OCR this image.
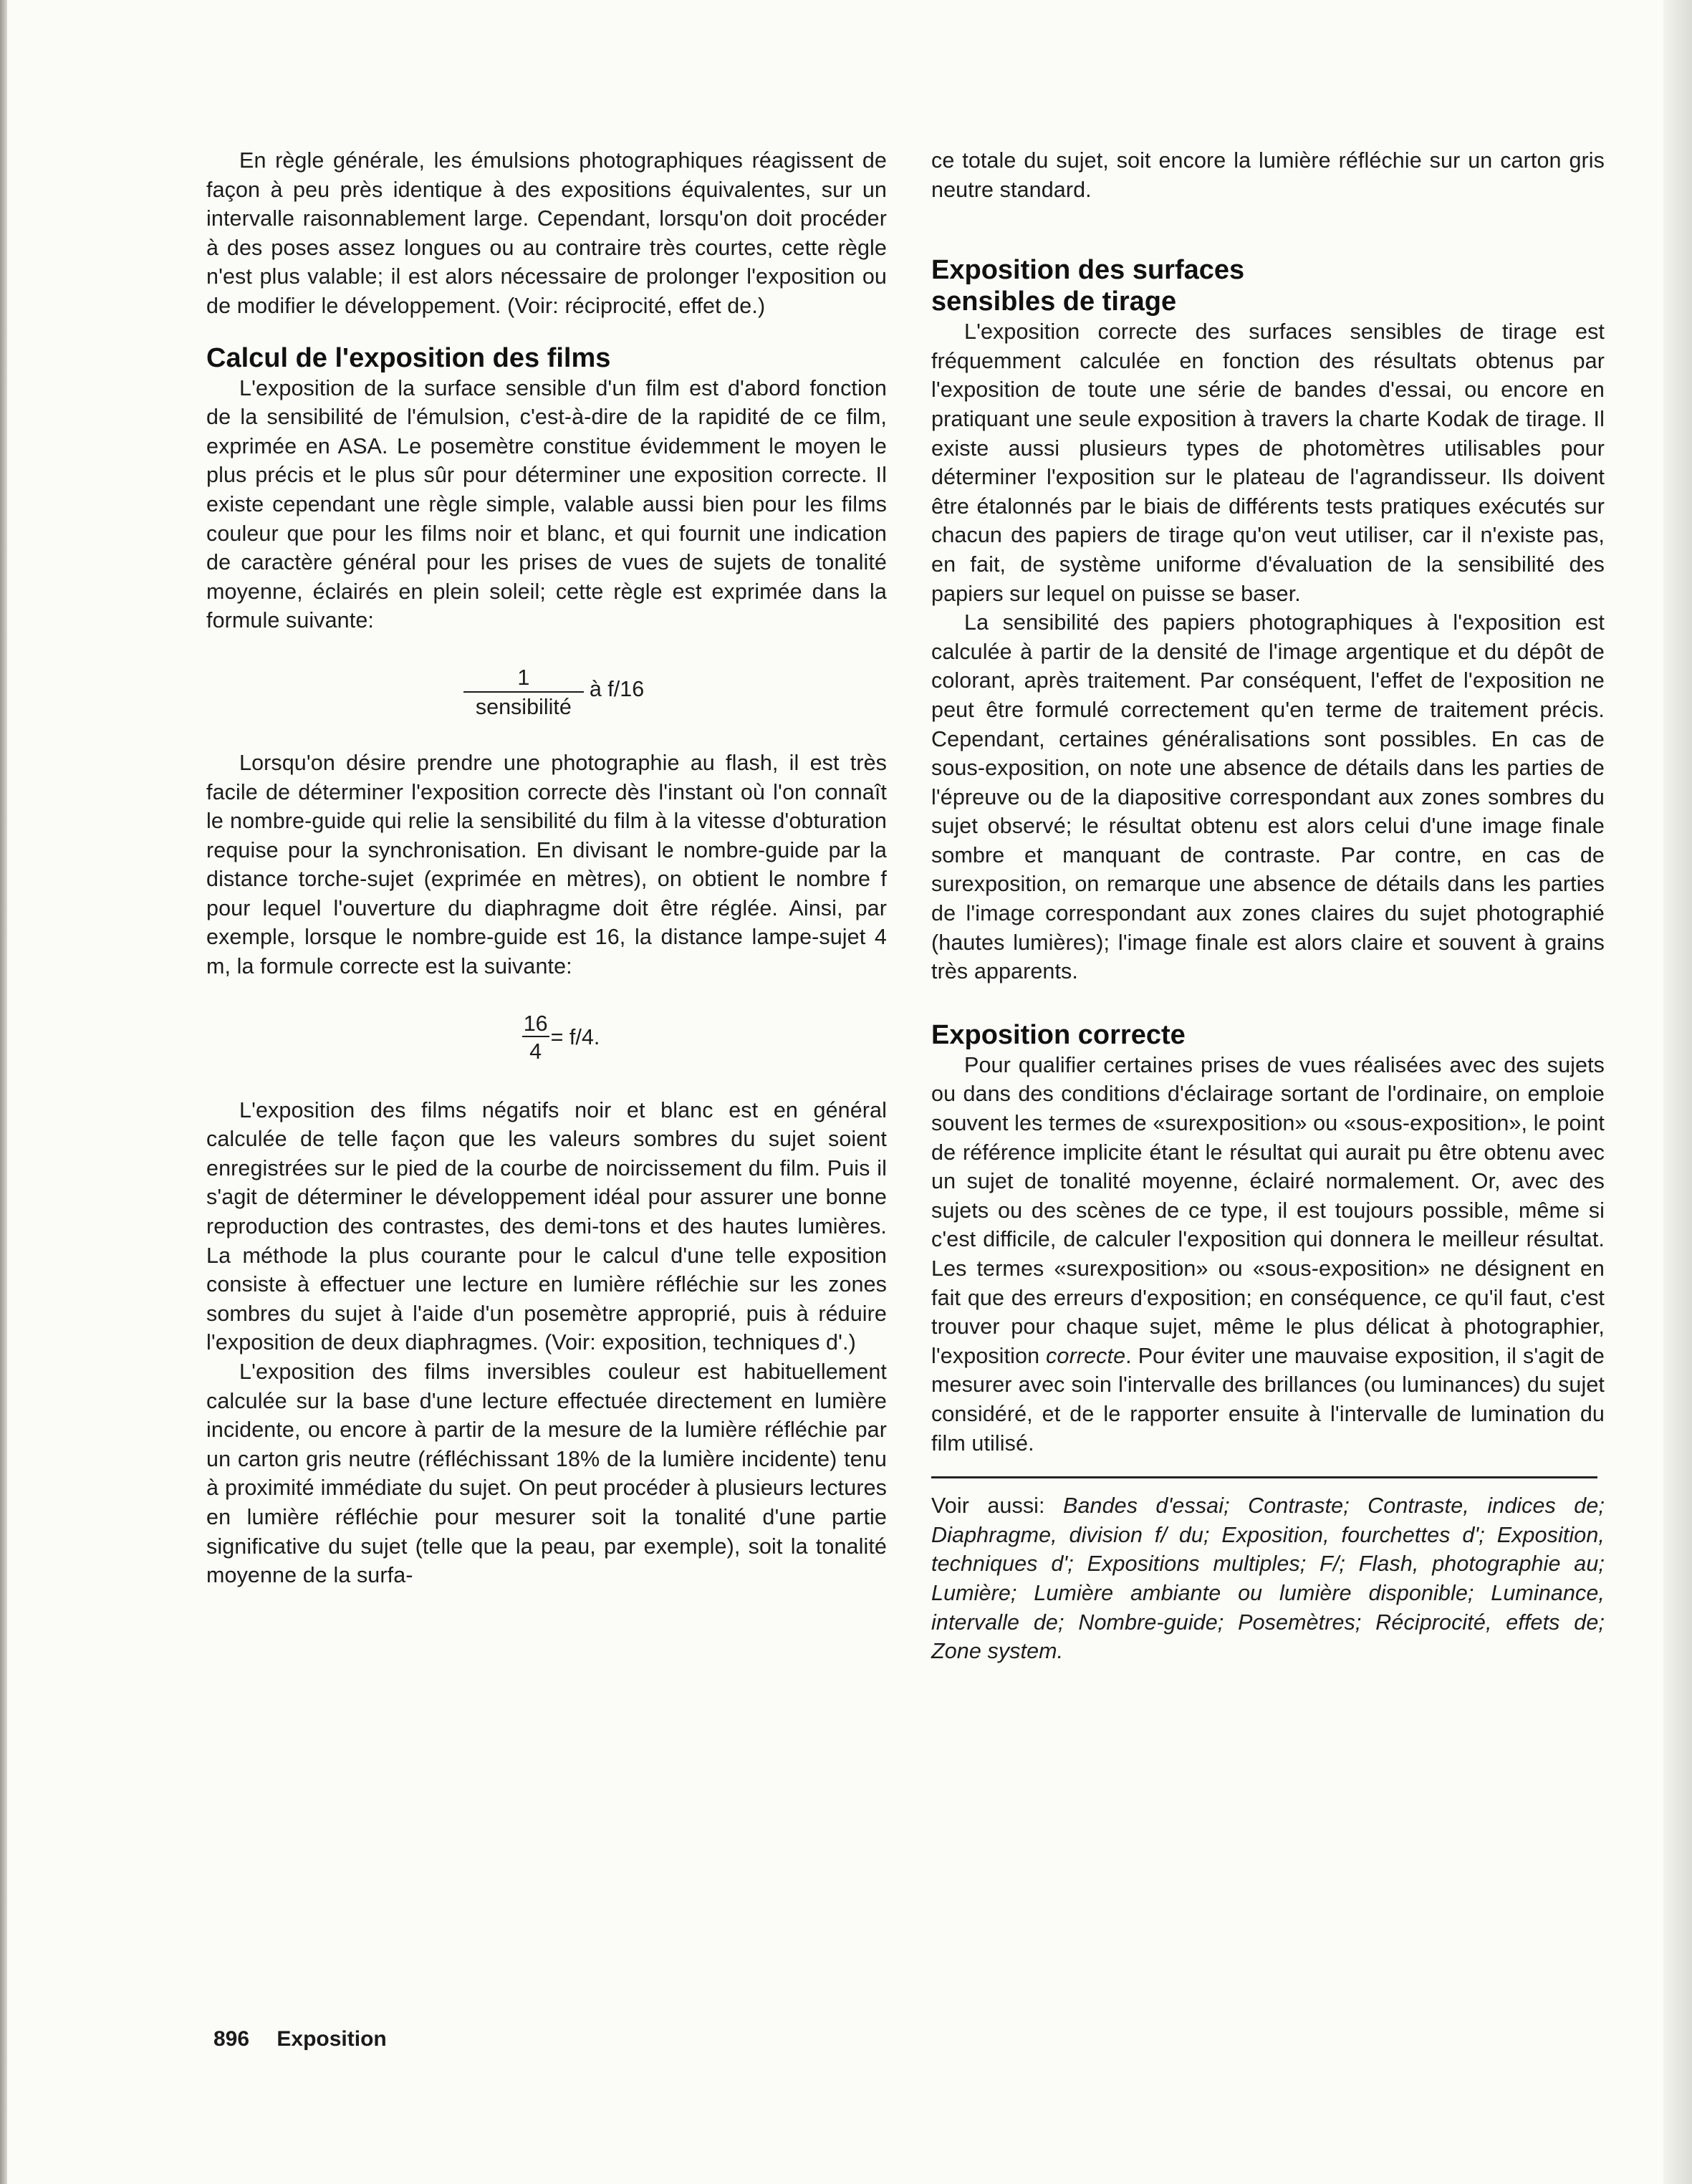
En règle générale, les émulsions photographiques réagissent de façon à peu près identique à des expositions équivalentes, sur un intervalle raisonnablement large. Cependant, lorsqu'on doit procéder à des poses assez longues ou au contraire très courtes, cette règle n'est plus valable; il est alors nécessaire de prolonger l'exposition ou de modifier le développement. (Voir: réciprocité, effet de.)

Calcul de l'exposition des films

L'exposition de la surface sensible d'un film est d'abord fonction de la sensibilité de l'émulsion, c'est-à-dire de la rapidité de ce film, exprimée en ASA. Le posemètre constitue évidemment le moyen le plus précis et le plus sûr pour déterminer une exposition correcte. Il existe cependant une règle simple, valable aussi bien pour les films couleur que pour les films noir et blanc, et qui fournit une indication de caractère général pour les prises de vues de sujets de tonalité moyenne, éclairés en plein soleil; cette règle est exprimée dans la formule suivante:

$\frac{1}{\text{sensibilité}}$ à f/16

Lorsqu'on désire prendre une photographie au flash, il est très facile de déterminer l'exposition correcte dès l'instant où l'on connaît le nombre-guide qui relie la sensibilité du film à la vitesse d'obturation requise pour la synchronisation. En divisant le nombre-guide par la distance torche-sujet (exprimée en mètres), on obtient le nombre f pour lequel l'ouverture du diaphragme doit être réglée. Ainsi, par exemple, lorsque le nombre-guide est 16, la distance lampe-sujet 4 m, la formule correcte est la suivante:

$\frac{16}{4} = f/4$.

L'exposition des films négatifs noir et blanc est en général calculée de telle façon que les valeurs sombres du sujet soient enregistrées sur le pied de la courbe de noircissement du film. Puis il s'agit de déterminer le développement idéal pour assurer une bonne reproduction des contrastes, des demi-tons et des hautes lumières. La méthode la plus courante pour le calcul d'une telle exposition consiste à effectuer une lecture en lumière réfléchie sur les zones sombres du sujet à l'aide d'un posemètre approprié, puis à réduire l'exposition de deux diaphragmes. (Voir: exposition, techniques d'.)

L'exposition des films inversibles couleur est habituellement calculée sur la base d'une lecture effectuée directement en lumière incidente, ou encore à partir de la mesure de la lumière réfléchie par un carton gris neutre (réfléchissant 18% de la lumière incidente) tenu à proximité immédiate du sujet. On peut procéder à plusieurs lectures en lumière réfléchie pour mesurer soit la tonalité d'une partie significative du sujet (telle que la peau, par exemple), soit la tonalité moyenne de la surfa-

ce totale du sujet, soit encore la lumière réfléchie sur un carton gris neutre standard.

Exposition des surfaces
sensibles de tirage

L'exposition correcte des surfaces sensibles de tirage est fréquemment calculée en fonction des résultats obtenus par l'exposition de toute une série de bandes d'essai, ou encore en pratiquant une seule exposition à travers la charte Kodak de tirage. Il existe aussi plusieurs types de photomètres utilisables pour déterminer l'exposition sur le plateau de l'agrandisseur. Ils doivent être étalonnés par le biais de différents tests pratiques exécutés sur chacun des papiers de tirage qu'on veut utiliser, car il n'existe pas, en fait, de système uniforme d'évaluation de la sensibilité des papiers sur lequel on puisse se baser.

La sensibilité des papiers photographiques à l'exposition est calculée à partir de la densité de l'image argentique et du dépôt de colorant, après traitement. Par conséquent, l'effet de l'exposition ne peut être formulé correctement qu'en terme de traitement précis. Cependant, certaines généralisations sont possibles. En cas de sous-exposition, on note une absence de détails dans les parties de l'épreuve ou de la diapositive correspondant aux zones sombres du sujet observé; le résultat obtenu est alors celui d'une image finale sombre et manquant de contraste. Par contre, en cas de surexposition, on remarque une absence de détails dans les parties de l'image correspondant aux zones claires du sujet photographié (hautes lumières); l'image finale est alors claire et souvent à grains très apparents.

Exposition correcte

Pour qualifier certaines prises de vues réalisées avec des sujets ou dans des conditions d'éclairage sortant de l'ordinaire, on emploie souvent les termes de «surexposition» ou «sous-exposition», le point de référence implicite étant le résultat qui aurait pu être obtenu avec un sujet de tonalité moyenne, éclairé normalement. Or, avec des sujets ou des scènes de ce type, il est toujours possible, même si c'est difficile, de calculer l'exposition qui donnera le meilleur résultat. Les termes «surexposition» ou «sous-exposition» ne désignent en fait que des erreurs d'exposition; en conséquence, ce qu'il faut, c'est trouver pour chaque sujet, même le plus délicat à photographier, l'exposition correcte. Pour éviter une mauvaise exposition, il s'agit de mesurer avec soin l'intervalle des brillances (ou luminances) du sujet considéré, et de le rapporter ensuite à l'intervalle de lumination du film utilisé.

Voir aussi: Bandes d'essai; Contraste; Contraste, indices de; Diaphragme, division f/ du; Exposition, fourchettes d'; Exposition, techniques d'; Expositions multiples; F/; Flash, photographie au; Lumière; Lumière ambiante ou lumière disponible; Luminance, intervalle de; Nombre-guide; Posemètres; Réciprocité, effets de; Zone system.

896 Exposition
